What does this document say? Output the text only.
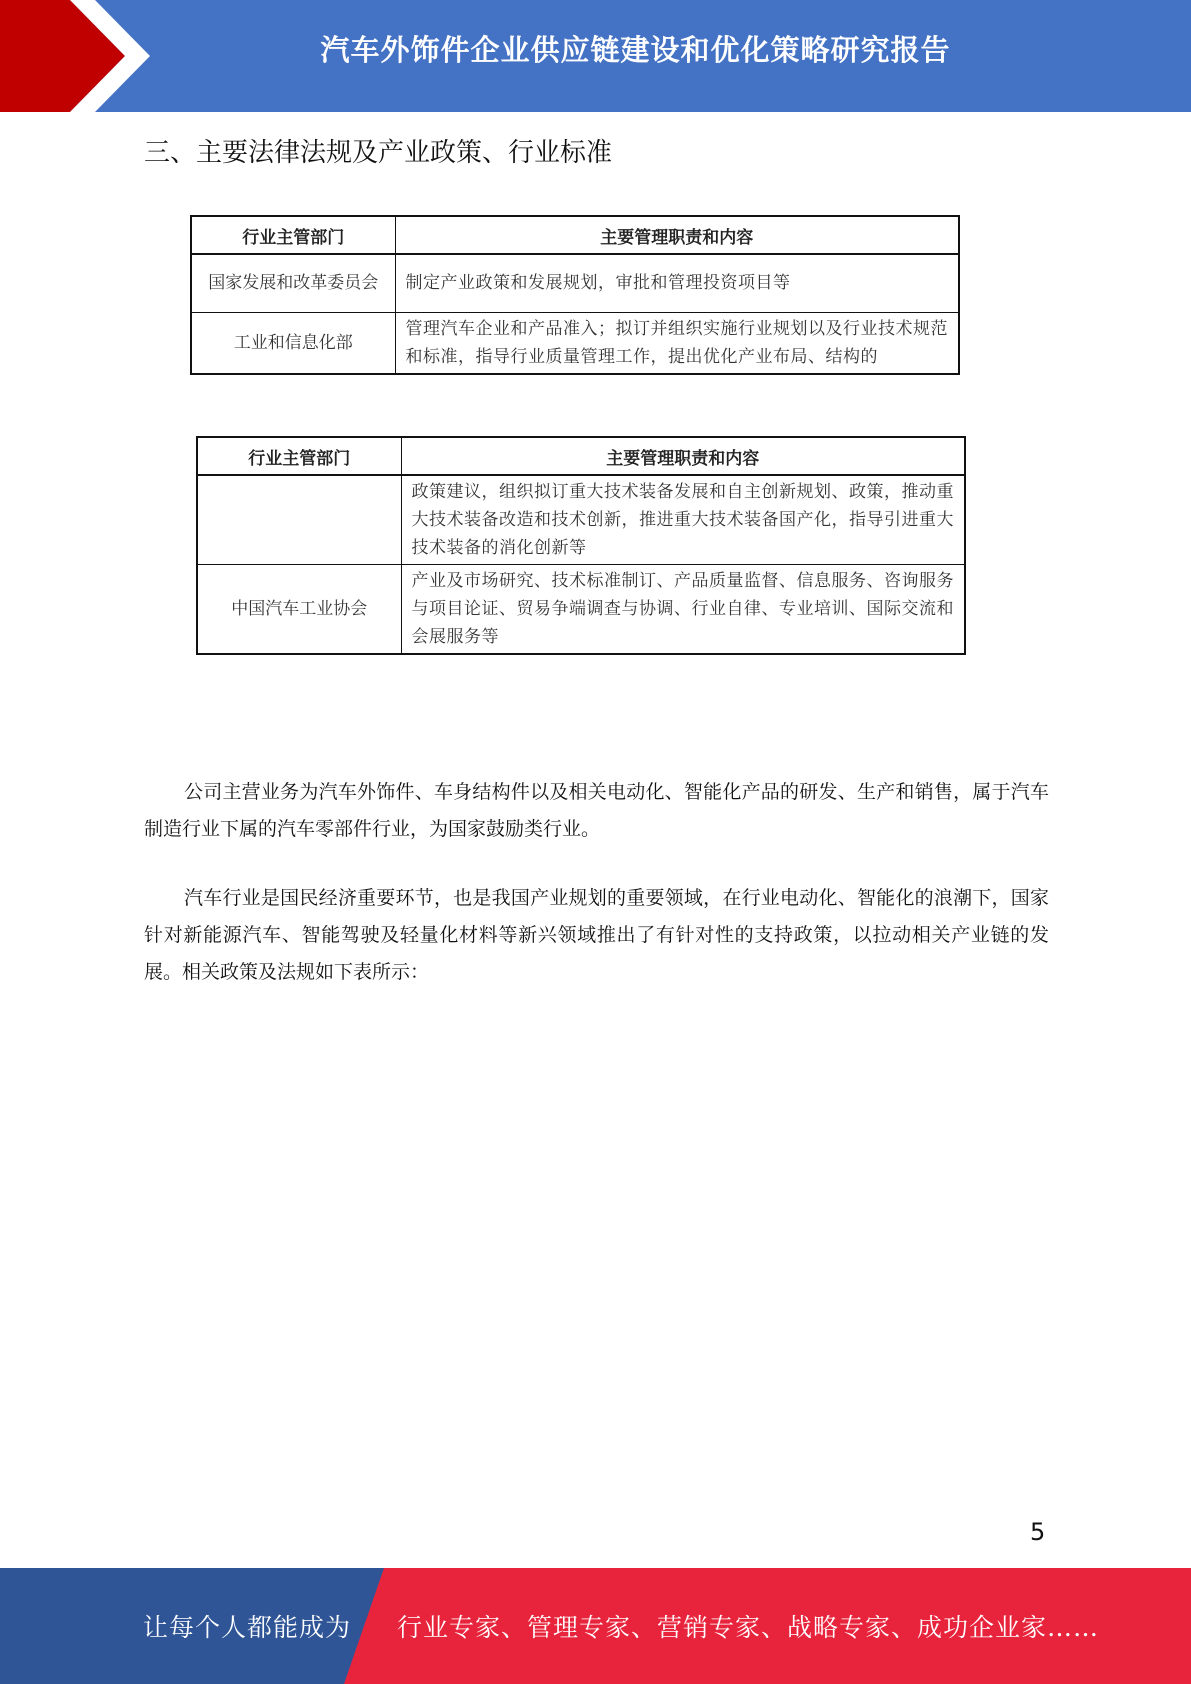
汽车外饰件企业供应链建设和优化策略研究报告
三、主要法律法规及产业政策、行业标准
行业主管部门	主要管理职责和内容
国家发展和改革委员会	制定产业政策和发展规划，审批和管理投资项目等
工业和信息化部	管理汽车企业和产品准入；拟订并组织实施行业规划以及行业技术规范和标准，指导行业质量管理工作，提出优化产业布局、结构的
行业主管部门	主要管理职责和内容
	政策建议，组织拟订重大技术装备发展和自主创新规划、政策，推动重大技术装备改造和技术创新，推进重大技术装备国产化，指导引进重大技术装备的消化创新等
中国汽车工业协会	产业及市场研究、技术标准制订、产品质量监督、信息服务、咨询服务与项目论证、贸易争端调查与协调、行业自律、专业培训、国际交流和会展服务等

公司主营业务为汽车外饰件、车身结构件以及相关电动化、智能化产品的研发、生产和销售，属于汽车制造行业下属的汽车零部件行业，为国家鼓励类行业。

汽车行业是国民经济重要环节，也是我国产业规划的重要领域，在行业电动化、智能化的浪潮下，国家针对新能源汽车、智能驾驶及轻量化材料等新兴领域推出了有针对性的支持政策，以拉动相关产业链的发展。相关政策及法规如下表所示：

5
让每个人都能成为 行业专家、管理专家、营销专家、战略专家、成功企业家……
